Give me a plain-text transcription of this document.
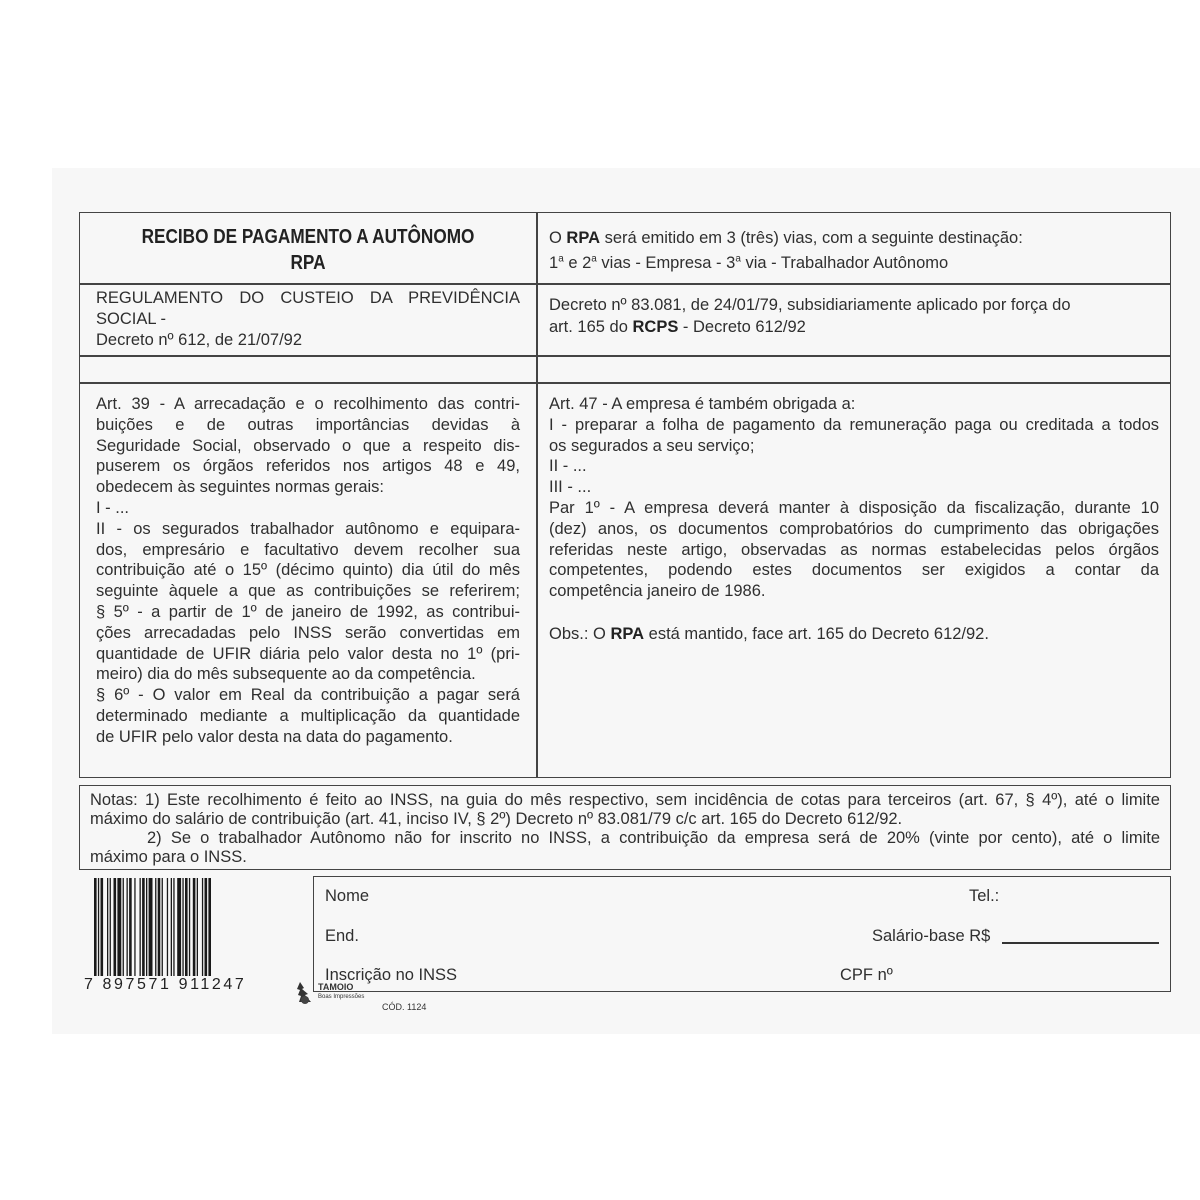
RECIBO DE PAGAMENTO A AUTÔNOMO
RPA
O RPA será emitido em 3 (três) vias, com a seguinte destinação:
1$^a$ e 2$^a$ vias - Empresa - 3$^a$ via - Trabalhador Autônomo

REGULAMENTO DO CUSTEIO DA PREVIDÊNCIA

SOCIAL -

Decreto nº 612, de 21/07/92

Decreto nº 83.081, de 24/01/79, subsidiariamente aplicado por força do
art. 165 do RCPS - Decreto 612/92

Art. 39 - A arrecadação e o recolhimento das contri-

buições e de outras importâncias devidas à

Seguridade Social, observado o que a respeito dis-

puserem os órgãos referidos nos artigos 48 e 49,

obedecem às seguintes normas gerais:

I - ...

II - os segurados trabalhador autônomo e equipara-

dos, empresário e facultativo devem recolher sua

contribuição até o 15º (décimo quinto) dia útil do mês

seguinte àquele a que as contribuições se referirem;

§ 5º - a partir de 1º de janeiro de 1992, as contribui-

ções arrecadadas pelo INSS serão convertidas em

quantidade de UFIR diária pelo valor desta no 1º (pri-

meiro) dia do mês subsequente ao da competência.

§ 6º - O valor em Real da contribuição a pagar será

determinado mediante a multiplicação da quantidade

de UFIR pelo valor desta na data do pagamento.

Art. 47 - A empresa é também obrigada a:

I - preparar a folha de pagamento da remuneração paga ou creditada a todos

os segurados a seu serviço;

II - ...

III - ...

Par 1º - A empresa deverá manter à disposição da fiscalização, durante 10

(dez) anos, os documentos comprobatórios do cumprimento das obrigações

referidas neste artigo, observadas as normas estabelecidas pelos órgãos

competentes, podendo estes documentos ser exigidos a contar da

competência janeiro de 1986.

Obs.: O RPA está mantido, face art. 165 do Decreto 612/92.

Notas: 1) Este recolhimento é feito ao INSS, na guia do mês respectivo, sem incidência de cotas para terceiros (art. 67, § 4º), até o limite

máximo do salário de contribuição (art. 41, inciso IV, § 2º) Decreto nº 83.081/79 c/c art. 165 do Decreto 612/92.

2) Se o trabalhador Autônomo não for inscrito no INSS, a contribuição da empresa será de 20% (vinte por cento), até o limite

máximo para o INSS.

7 897571 911247	TAMOIO
Boas Impressões
CÓD. 1124
Nome	Tel.:
End.	Salário-base R$
Inscrição no INSS	CPF nº
